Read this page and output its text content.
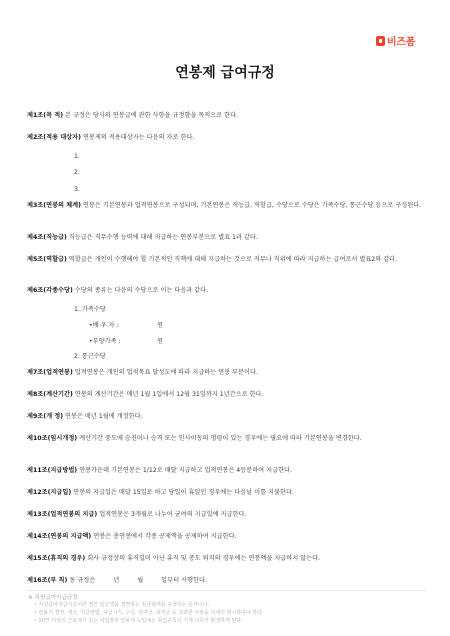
비즈폼
연봉제 급여규정
제1조(목 적) 본 규정은 당사의 연봉급에 관한 사항을 규정함을 목적으로 한다.
제2조(적용 대상자) 연봉제의 적용대상자는 다음의 자로 한다.
1.
2.
3.
제3조(연봉의 체계) 연봉은 기본연봉과 업적연봉으로 구성되며, 기본연봉은 직능급, 역할급, 수당으로 수당은 가족수당, 통근수당 등으로 구성된다.
제4조(직능급) 직능급은 직무수행 능력에 대해 지급하는 연봉부분으로 별표 1과 같다.
제5조(역할급) 역할급은 개인이 수행해야 할 기본적인 직책에 대해 지급하는 것으로 직무나 직위에 따라 지급하는 급여로서 별표2와 같다.
제6조(각종수당) 수당의 종류는 다음의 수당으로 이는 다음과 같다.
1. 가족수당
•배 우 자 :	원
•부양가족 :	원
2. 통근수당
제7조(업적연봉) 업적연봉은 개인의 업적목표 달성도에 따라 지급하는 연봉 부분이다.
제8조(계산기간) 연봉의 계산기간은 매년 1월 1일에서 12월 31일까지 1년간으로 한다.
제9조(개 정) 연봉은 매년 1월에 개정한다.
제10조(임시개정) 계산기간 중도에 승진이나 승격 또는 인사이동의 명령이 있는 경우에는 필요에 따라 기본연봉을 변경한다.
제11조(지급방법) 연봉가운데 기본연봉은 1/12로 매달 지급하고 업적연봉은 4등분하여 지급한다.
제12조(지급일) 연봉의 지급일은 매달 15일로 하고 당일이 휴일인 경우에는 다음날 이를 지불한다.
제13조(업적연봉의 지급) 업적연봉은 3개월로 나누어 균여의 지급일에 지급한다.
제14조(연봉의 지급액) 연봉은 총연봉에서 각종 공제액을 공제하여 지급한다.
제15조(휴직의 경우) 회사 규정상의 휴직일이 아닌 휴직 및 중도 퇴직의 경우에는 연봉액을 지급하지 않는다.
제16조(부 칙) 동 규정은	년	월	일부터 시행한다.
※ 직원급여지급규정:
• 직원급여지급기준이란 연간 임금액을 결정하는 임금형태를 규정하는 문서이다.
• 연봉의 결정, 계산, 지급방법, 지급시기, 수당, 상여금, 퇴직금 등 고려한 사항을 자세히 명시하여야 한다.
• 10인 이상의 근로자가 있는 사업장의 연봉제 도입에는 취업규칙의 기재 의무가 발생하게 된다.
